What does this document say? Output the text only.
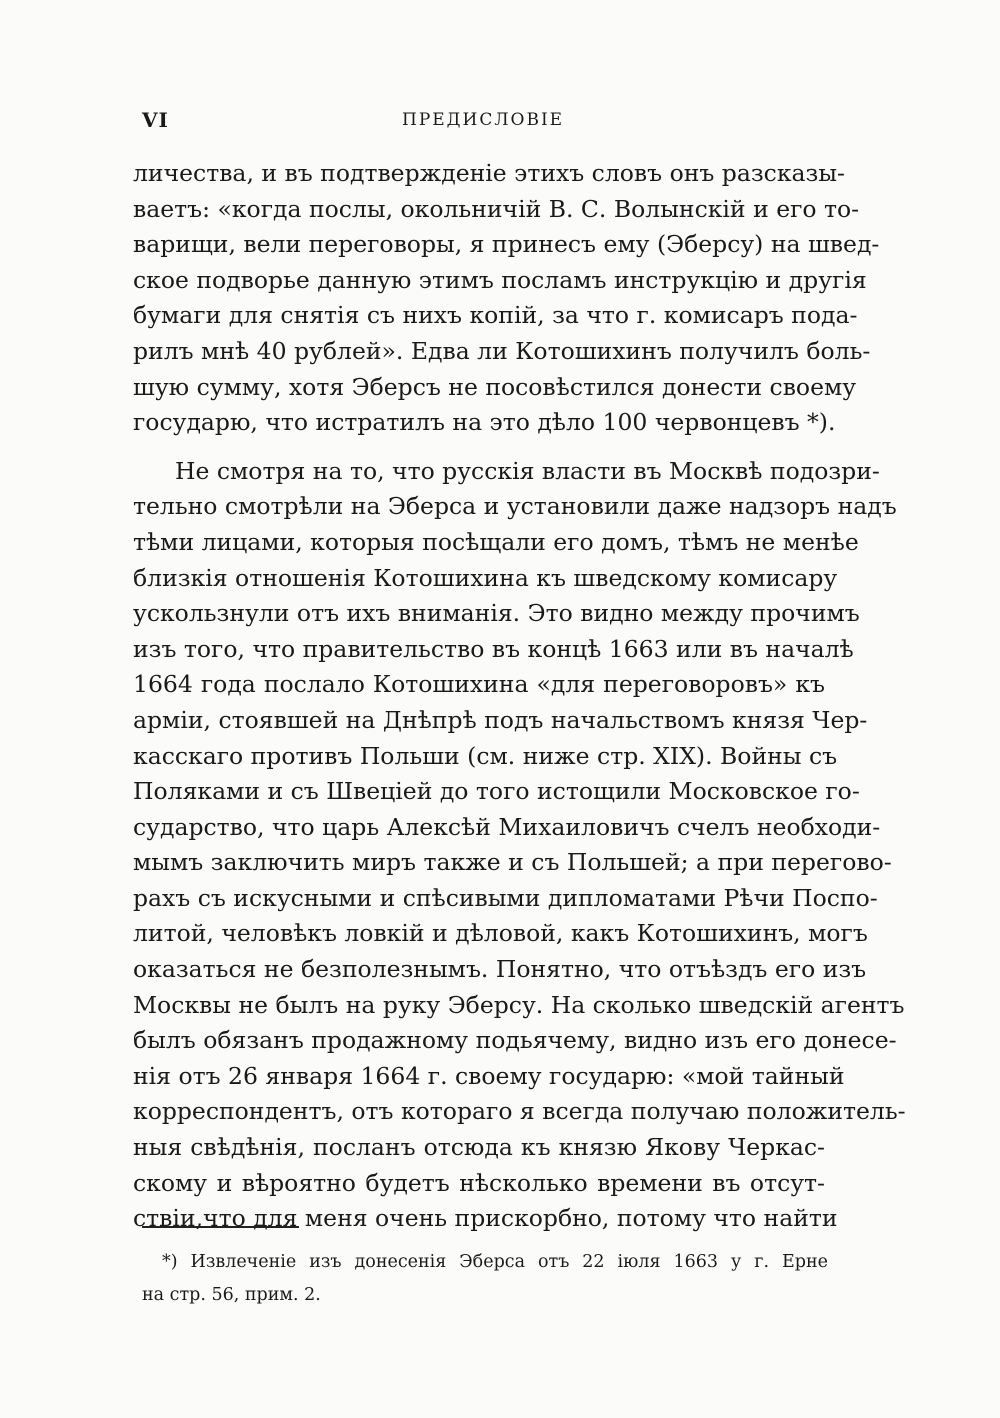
VI	ПРЕДИСЛОВІЕ
личества, и въ подтвержденіе этихъ словъ онъ разсказы-
ваетъ: «когда послы, окольничій В. С. Волынскій и его то-
варищи, вели переговоры, я принесъ ему (Эберсу) на швед-
ское подворье данную этимъ посламъ инструкцію и другія
бумаги для снятія съ нихъ копій, за что г. комисаръ пода-
рилъ мнѣ 40 рублей». Едва ли Котошихинъ получилъ боль-
шую сумму, хотя Эберсъ не посовѣстился донести своему
государю, что истратилъ на это дѣло 100 червонцевъ *).
Не смотря на то, что русскія власти въ Москвѣ подозри-
тельно смотрѣли на Эберса и установили даже надзоръ надъ
тѣми лицами, которыя посѣщали его домъ, тѣмъ не менѣе
близкія отношенія Котошихина къ шведскому комисару
ускользнули отъ ихъ вниманія. Это видно между прочимъ
изъ того, что правительство въ концѣ 1663 или въ началѣ
1664 года послало Котошихина «для переговоровъ» къ
арміи, стоявшей на Днѣпрѣ подъ начальствомъ князя Чер-
касскаго противъ Польши (см. ниже стр. XIX). Войны съ
Поляками и съ Швеціей до того истощили Московское го-
сударство, что царь Алексѣй Михаиловичъ счелъ необходи-
мымъ заключить миръ также и съ Польшей; а при перегово-
рахъ съ искусными и спѣсивыми дипломатами Рѣчи Поспо-
литой, человѣкъ ловкій и дѣловой, какъ Котошихинъ, могъ
оказаться не безполезнымъ. Понятно, что отъѣздъ его изъ
Москвы не былъ на руку Эберсу. На сколько шведскій агентъ
былъ обязанъ продажному подьячему, видно изъ его донесе-
нія отъ 26 января 1664 г. своему государю: «мой тайный
корреспондентъ, отъ котораго я всегда получаю положитель-
ныя свѣдѣнія, посланъ отсюда къ князю Якову Черкас-
скому и вѣроятно будетъ нѣсколько времени въ отсут-
ствіи,что для меня очень прискорбно, потому что найти
*) Извлеченіе изъ донесенія Эберса отъ 22 іюля 1663 у г. Ерне
на стр. 56, прим. 2.
